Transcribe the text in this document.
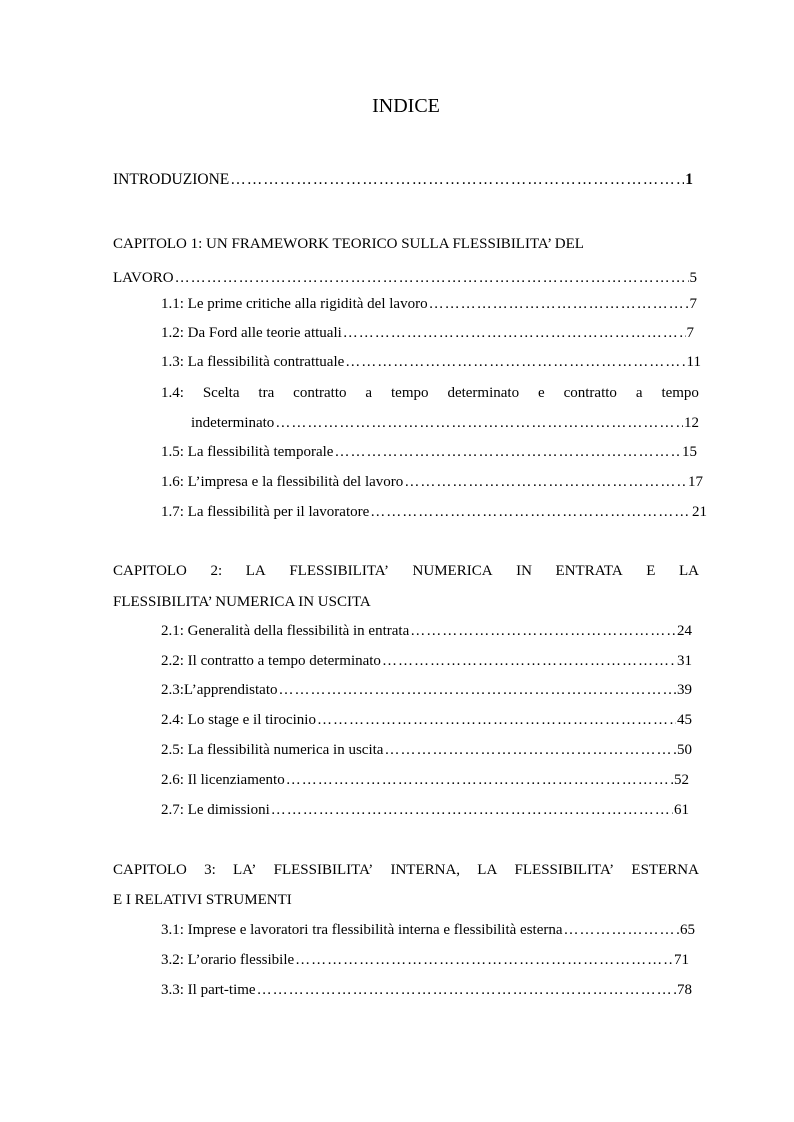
INDICE
INTRODUZIONE …………………………………………………………………………………………………………………………………………………………………………………………………………	1
CAPITOLO 1: UN FRAMEWORK TEORICO SULLA FLESSIBILITA’ DEL
LAVORO …………………………………………………………………………………………………………………………………………………………………………………………………………	5
1.1: Le prime critiche alla rigidità del lavoro …………………………………………………………………………………………………………………………………………………………………………………………………………	7
1.2: Da Ford alle teorie attuali …………………………………………………………………………………………………………………………………………………………………………………………………………	7
1.3: La flessibilità contrattuale …………………………………………………………………………………………………………………………………………………………………………………………………………	11
1.4: Scelta tra contratto a tempo determinato e contratto a tempo
indeterminato …………………………………………………………………………………………………………………………………………………………………………………………………………	12
1.5: La flessibilità temporale …………………………………………………………………………………………………………………………………………………………………………………………………………	15
1.6: L’impresa e la flessibilità del lavoro …………………………………………………………………………………………………………………………………………………………………………………………………………	17
1.7: La flessibilità per il lavoratore …………………………………………………………………………………………………………………………………………………………………………………………………………	21
CAPITOLO 2: LA FLESSIBILITA’ NUMERICA IN ENTRATA E LA
FLESSIBILITA’ NUMERICA IN USCITA
2.1: Generalità della flessibilità in entrata …………………………………………………………………………………………………………………………………………………………………………………………………………	24
2.2: Il contratto a tempo determinato …………………………………………………………………………………………………………………………………………………………………………………………………………	31
2.3:L’apprendistato …………………………………………………………………………………………………………………………………………………………………………………………………………	39
2.4: Lo stage e il tirocinio …………………………………………………………………………………………………………………………………………………………………………………………………………	45
2.5: La flessibilità numerica in uscita …………………………………………………………………………………………………………………………………………………………………………………………………………	50
2.6: Il licenziamento …………………………………………………………………………………………………………………………………………………………………………………………………………	52
2.7: Le dimissioni …………………………………………………………………………………………………………………………………………………………………………………………………………	61
CAPITOLO 3: LA’ FLESSIBILITA’ INTERNA, LA FLESSIBILITA’ ESTERNA
E I RELATIVI STRUMENTI
3.1: Imprese e lavoratori tra flessibilità interna e flessibilità esterna …………………………………………………………………………………………………………………………………………………………………………………………………………	65
3.2: L’orario flessibile …………………………………………………………………………………………………………………………………………………………………………………………………………	71
3.3: Il part-time …………………………………………………………………………………………………………………………………………………………………………………………………………	78
